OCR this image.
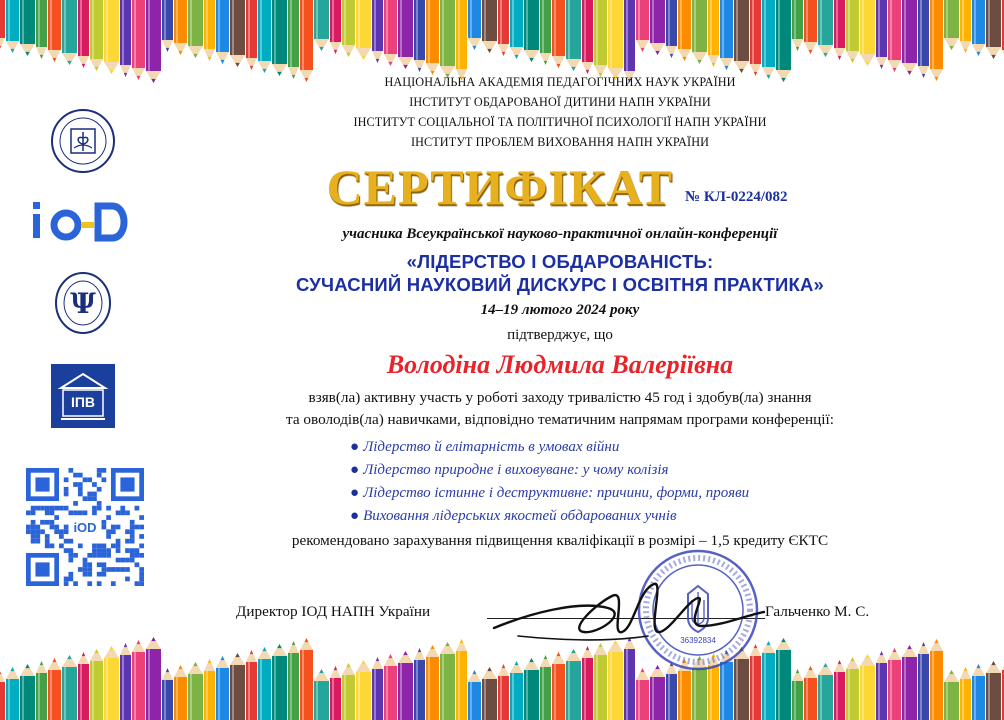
Ψ
ІПВ
iOD
НАЦІОНАЛЬНА АКАДЕМІЯ ПЕДАГОГІЧНИХ НАУК УКРАЇНИ
ІНСТИТУТ ОБДАРОВАНОЇ ДИТИНИ НАПН УКРАЇНИ
ІНСТИТУТ СОЦІАЛЬНОЇ ТА ПОЛІТИЧНОЇ ПСИХОЛОГІЇ НАПН УКРАЇНИ
ІНСТИТУТ ПРОБЛЕМ ВИХОВАННЯ НАПН УКРАЇНИ
СЕРТИФІКАТ № КЛ-0224/082
учасника Всеукраїнської науково-практичної онлайн-конференції
«ЛІДЕРСТВО І ОБДАРОВАНІСТЬ:
СУЧАСНИЙ НАУКОВИЙ ДИСКУРС І ОСВІТНЯ ПРАКТИКА»
14–19 лютого 2024 року
підтверджує, що
Володіна Людмила Валеріївна
взяв(ла) активну участь у роботі заходу тривалістю 45 год і здобув(ла) знання
та оволодів(ла) навичками, відповідно тематичним напрямам програми конференції:
● Лідерство й елітарність в умовах війни
● Лідерство природне і виховуване: у чому колізія
● Лідерство істинне і деструктивне: причини, форми, прояви
● Виховання лідерських якостей обдарованих учнів
рекомендовано зарахування підвищення кваліфікації в розмірі – 1,5 кредиту ЄКТС
Директор ІОД НАПН України
36392834
Гальченко М. С.
